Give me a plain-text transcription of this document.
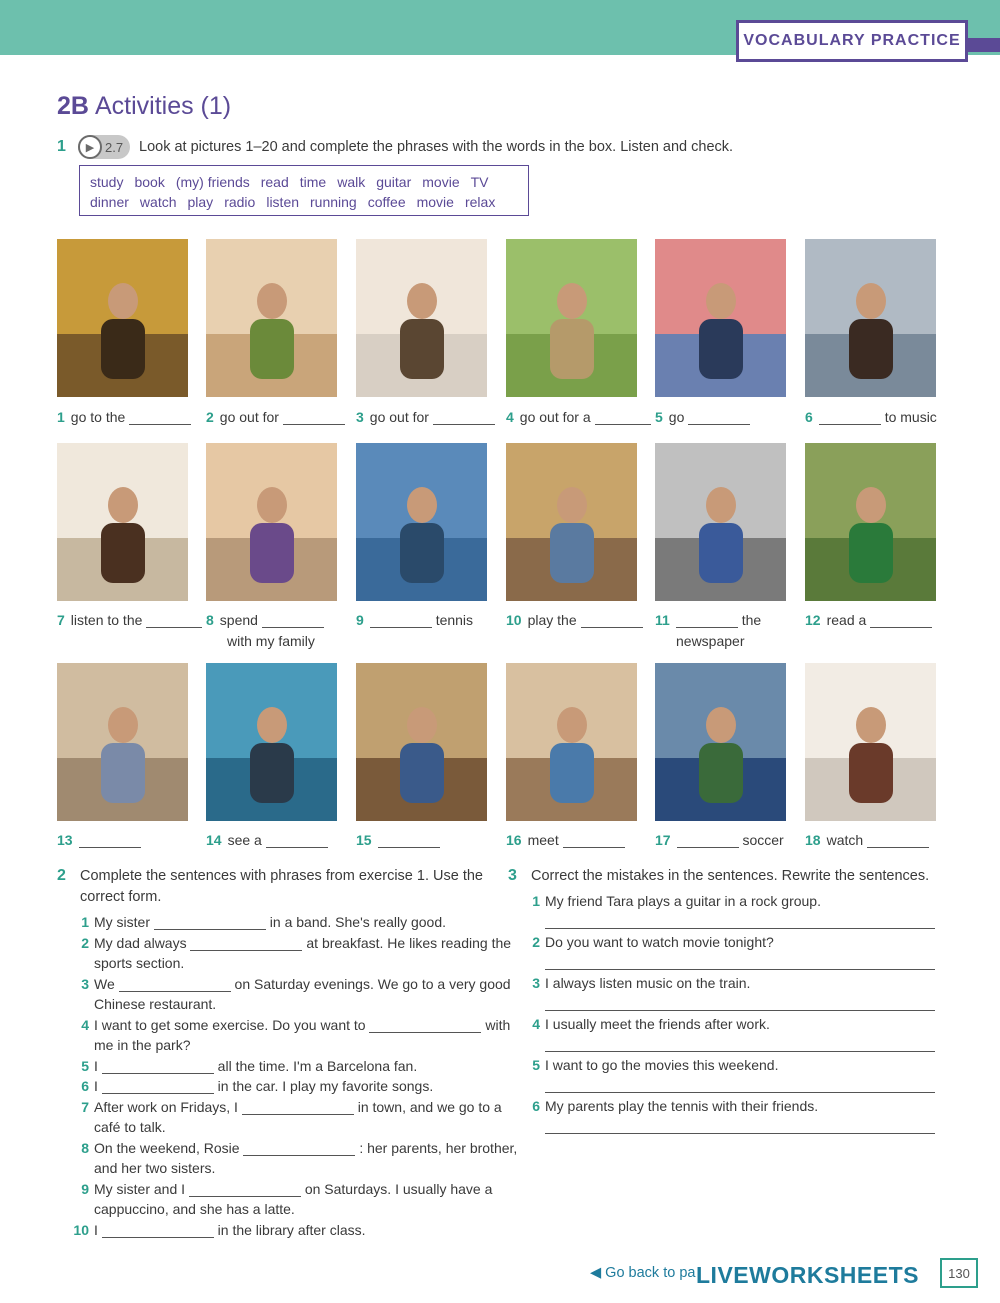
VOCABULARY PRACTICE
2B Activities (1)
1	▶ 2.7 Look at pictures 1–20 and complete the phrases with the words in the box. Listen and check.
study book (my) friends read time walk guitar movie TV
dinner watch play radio listen running coffee movie relax
1 go to the	2 go out for	3 go out for	4 go out for a	5 go	6	to music
7 listen to the	8 spend
with my family
9	tennis 10 play the	11	the
newspaper
12 read a
13	14 see a	15	16 meet	17	soccer 18 watch
2 Complete the sentences with phrases from exercise 1. Use the
correct form.
1 My sister	in a band. She's really good.
2 My dad always	at breakfast. He likes reading the
sports section.
3 We	on Saturday evenings. We go to a very good
Chinese restaurant.
4 I want to get some exercise. Do you want to	with
me in the park?
5 I	all the time. I'm a Barcelona fan.
6 I	in the car. I play my favorite songs.
7 After work on Fridays, I	in town, and we go to a
café to talk.
8 On the weekend, Rosie	: her parents, her brother,
and her two sisters.
9 My sister and I	on Saturdays. I usually have a
cappuccino, and she has a latte.
10 I	in the library after class.
3 Correct the mistakes in the sentences. Rewrite the sentences.
1 My friend Tara plays a guitar in a rock group.
2 Do you want to watch movie tonight?
3 I always listen music on the train.
4 I usually meet the friends after work.
5 I want to go the movies this weekend.
6 My parents play the tennis with their friends.
◀ Go back to pa LIVEWORKSHEETS	130
